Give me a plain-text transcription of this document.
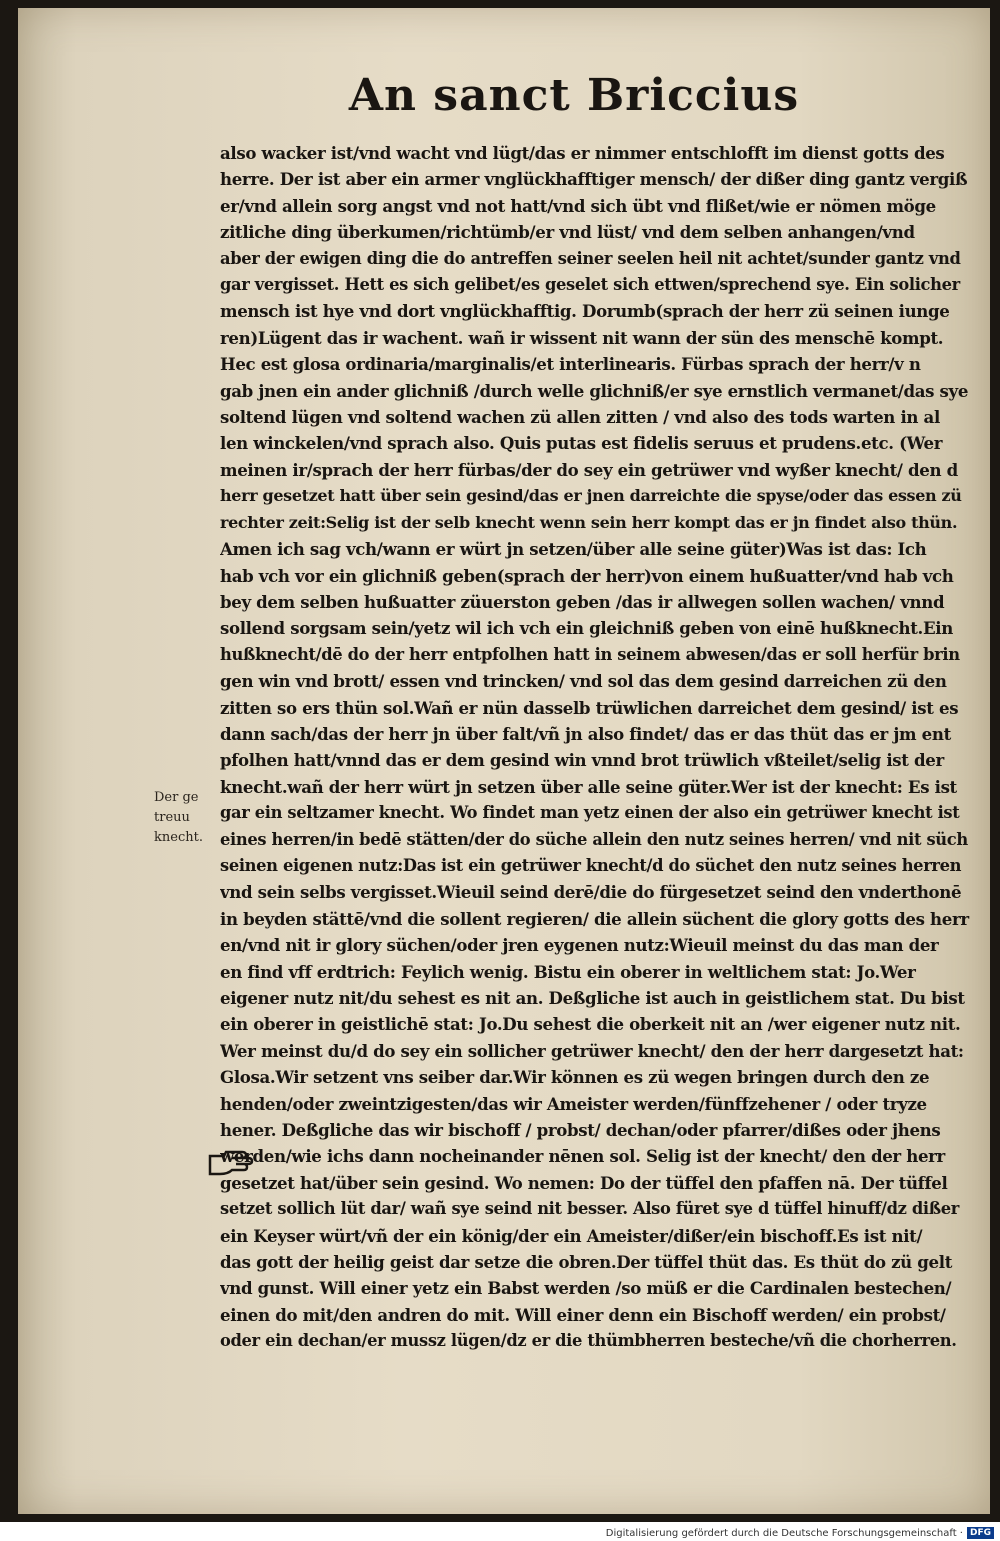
An sanct Briccius
Der ge
treuu
knecht.
also wacker ist/vnd wacht vnd lügt/das er nimmer entschlofft im dienst gotts des
herre. Der ist aber ein armer vnglückhafftiger mensch/ der dißer ding gantz vergiß
er/vnd allein sorg angst vnd not hatt/vnd sich übt vnd flißet/wie er nömen möge
zitliche ding überkumen/richtümb/er vnd lüst/ vnd dem selben anhangen/vnd
aber der ewigen ding die do antreffen seiner seelen heil nit achtet/sunder gantz vnd
gar vergisset. Hett es sich gelibet/es geselet sich ettwen/sprechend sye. Ein solicher
mensch ist hye vnd dort vnglückhafftig. Dorumb(sprach der herr zü seinen iunge
ren)Lügent das ir wachent. wañ ir wissent nit wann der sün des menschē kompt.
Hec est glosa ordinaria/marginalis/et interlinearis. Fürbas sprach der herr/v n
gab jnen ein ander glichniß /durch welle glichniß/er sye ernstlich vermanet/das sye
soltend lügen vnd soltend wachen zü allen zitten / vnd also des tods warten in al
len winckelen/vnd sprach also. Quis putas est fidelis seruus et prudens.etc. (Wer
meinen ir/sprach der herr fürbas/der do sey ein getrüwer vnd wyßer knecht/ den d
herr gesetzet hatt über sein gesind/das er jnen darreichte die spyse/oder das essen zü
rechter zeit:Selig ist der selb knecht wenn sein herr kompt das er jn findet also thün.
Amen ich sag vch/wann er würt jn setzen/über alle seine güter)Was ist das: Ich
hab vch vor ein glichniß geben(sprach der herr)von einem hußuatter/vnd hab vch
bey dem selben hußuatter züuerston geben /das ir allwegen sollen wachen/ vnnd
sollend sorgsam sein/yetz wil ich vch ein gleichniß geben von einē hußknecht.Ein
hußknecht/dē do der herr entpfolhen hatt in seinem abwesen/das er soll herfür brin
gen win vnd brott/ essen vnd trincken/ vnd sol das dem gesind darreichen zü den
zitten so ers thün sol.Wañ er nün dasselb trüwlichen darreichet dem gesind/ ist es
dann sach/das der herr jn über falt/vñ jn also findet/ das er das thüt das er jm ent
pfolhen hatt/vnnd das er dem gesind win vnnd brot trüwlich vßteilet/selig ist der
knecht.wañ der herr würt jn setzen über alle seine güter.Wer ist der knecht: Es ist
gar ein seltzamer knecht. Wo findet man yetz einen der also ein getrüwer knecht ist
eines herren/in bedē stätten/der do süche allein den nutz seines herren/ vnd nit süch
seinen eigenen nutz:Das ist ein getrüwer knecht/d do süchet den nutz seines herren
vnd sein selbs vergisset.Wieuil seind derē/die do fürgesetzet seind den vnderthonē
in beyden stättē/vnd die sollent regieren/ die allein süchent die glory gotts des herr
en/vnd nit ir glory süchen/oder jren eygenen nutz:Wieuil meinst du das man der
en find vff erdtrich: Feylich wenig. Bistu ein oberer in weltlichem stat: Jo.Wer
eigener nutz nit/du sehest es nit an. Deßgliche ist auch in geistlichem stat. Du bist
ein oberer in geistlichē stat: Jo.Du sehest die oberkeit nit an /wer eigener nutz nit.
Wer meinst du/d do sey ein sollicher getrüwer knecht/ den der herr dargesetzt hat:
Glosa.Wir setzent vns seiber dar.Wir können es zü wegen bringen durch den ze
henden/oder zweintzigesten/das wir Ameister werden/fünffzehener / oder tryze
hener. Deßgliche das wir bischoff / probst/ dechan/oder pfarrer/dißes oder jhens
werden/wie ichs dann nocheinander nēnen sol. Selig ist der knecht/ den der herr
gesetzet hat/über sein gesind. Wo nemen: Do der tüffel den pfaffen nā. Der tüffel
setzet sollich lüt dar/ wañ sye seind nit besser. Also füret sye d tüffel hinuff/dz dißer
ein Keyser würt/vñ der ein könig/der ein Ameister/dißer/ein bischoff.Es ist nit/
das gott der heilig geist dar setze die obren.Der tüffel thüt das. Es thüt do zü gelt
vnd gunst. Will einer yetz ein Babst werden /so müß er die Cardinalen bestechen/
einen do mit/den andren do mit. Will einer denn ein Bischoff werden/ ein probst/
oder ein dechan/er mussz lügen/dz er die thümbherren besteche/vñ die chorherren.
Digitalisierung gefördert durch die Deutsche Forschungsgemeinschaft · DFG
